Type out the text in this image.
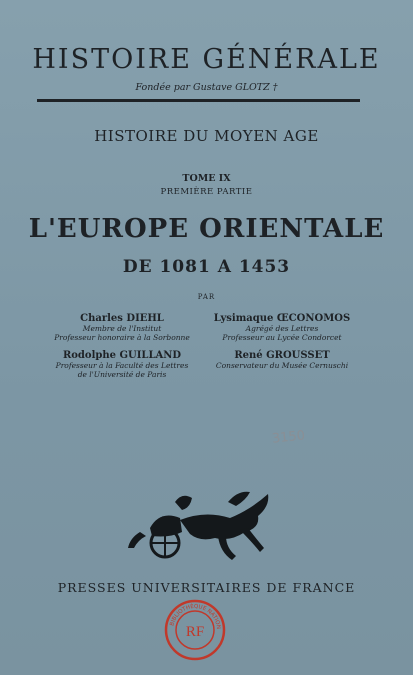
HISTOIRE GÉNÉRALE
Fondée par Gustave GLOTZ †
HISTOIRE DU MOYEN AGE
TOME IX
PREMIÈRE PARTIE
L'EUROPE ORIENTALE
DE 1081 A 1453
PAR
Charles DIEHL
Membre de l'Institut
Professeur honoraire à la Sorbonne
Lysimaque ŒCONOMOS
Agrégé des Lettres
Professeur au Lycée Condorcet
Rodolphe GUILLAND
Professeur à la Faculté des Lettres
de l'Université de Paris
René GROUSSET
Conservateur du Musée Cernuschi
3150
PRESSES UNIVERSITAIRES DE FRANCE
RF
BIBLIOTHÈQUE NATION
